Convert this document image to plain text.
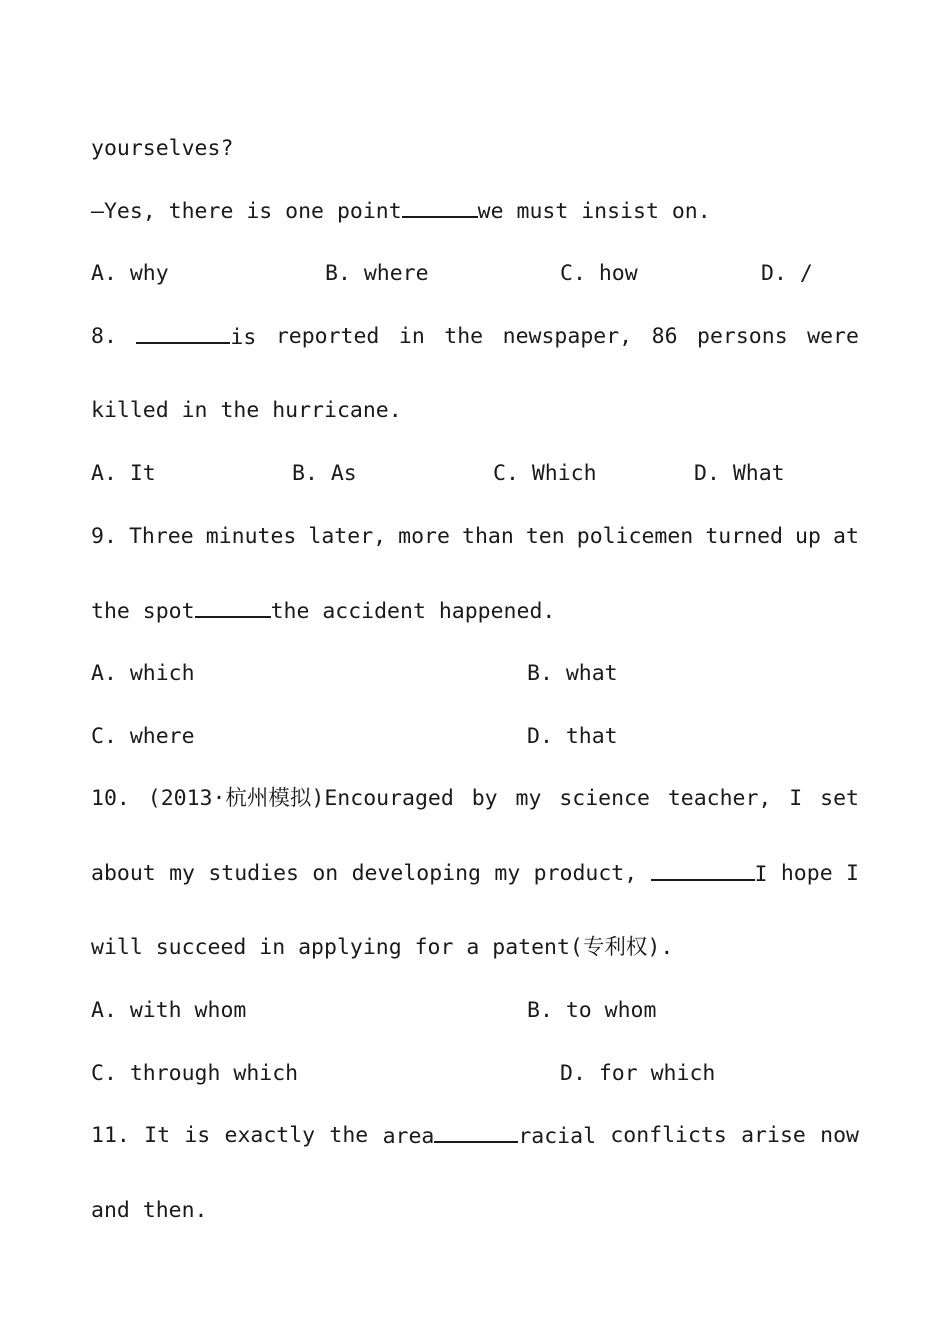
yourselves?
—Yes, there is one point	we must insist on.
A. why	B. where	C. how	D. /
8.	is reported in the newspaper, 86 persons were
killed in the hurricane.
A. It	B. As	C. Which	D. What
9. Three minutes later, more than ten policemen turned up at
the spot	the accident happened.
A. which	B. what
C. where	D. that
10. (2013·杭州模拟)Encouraged by my science teacher, I set
about my studies on developing my product,	I hope I
will succeed in applying for a patent(专利权).
A. with whom	B. to whom
C. through which	D. for which
11. It is exactly the area	racial conflicts arise now
and then.
